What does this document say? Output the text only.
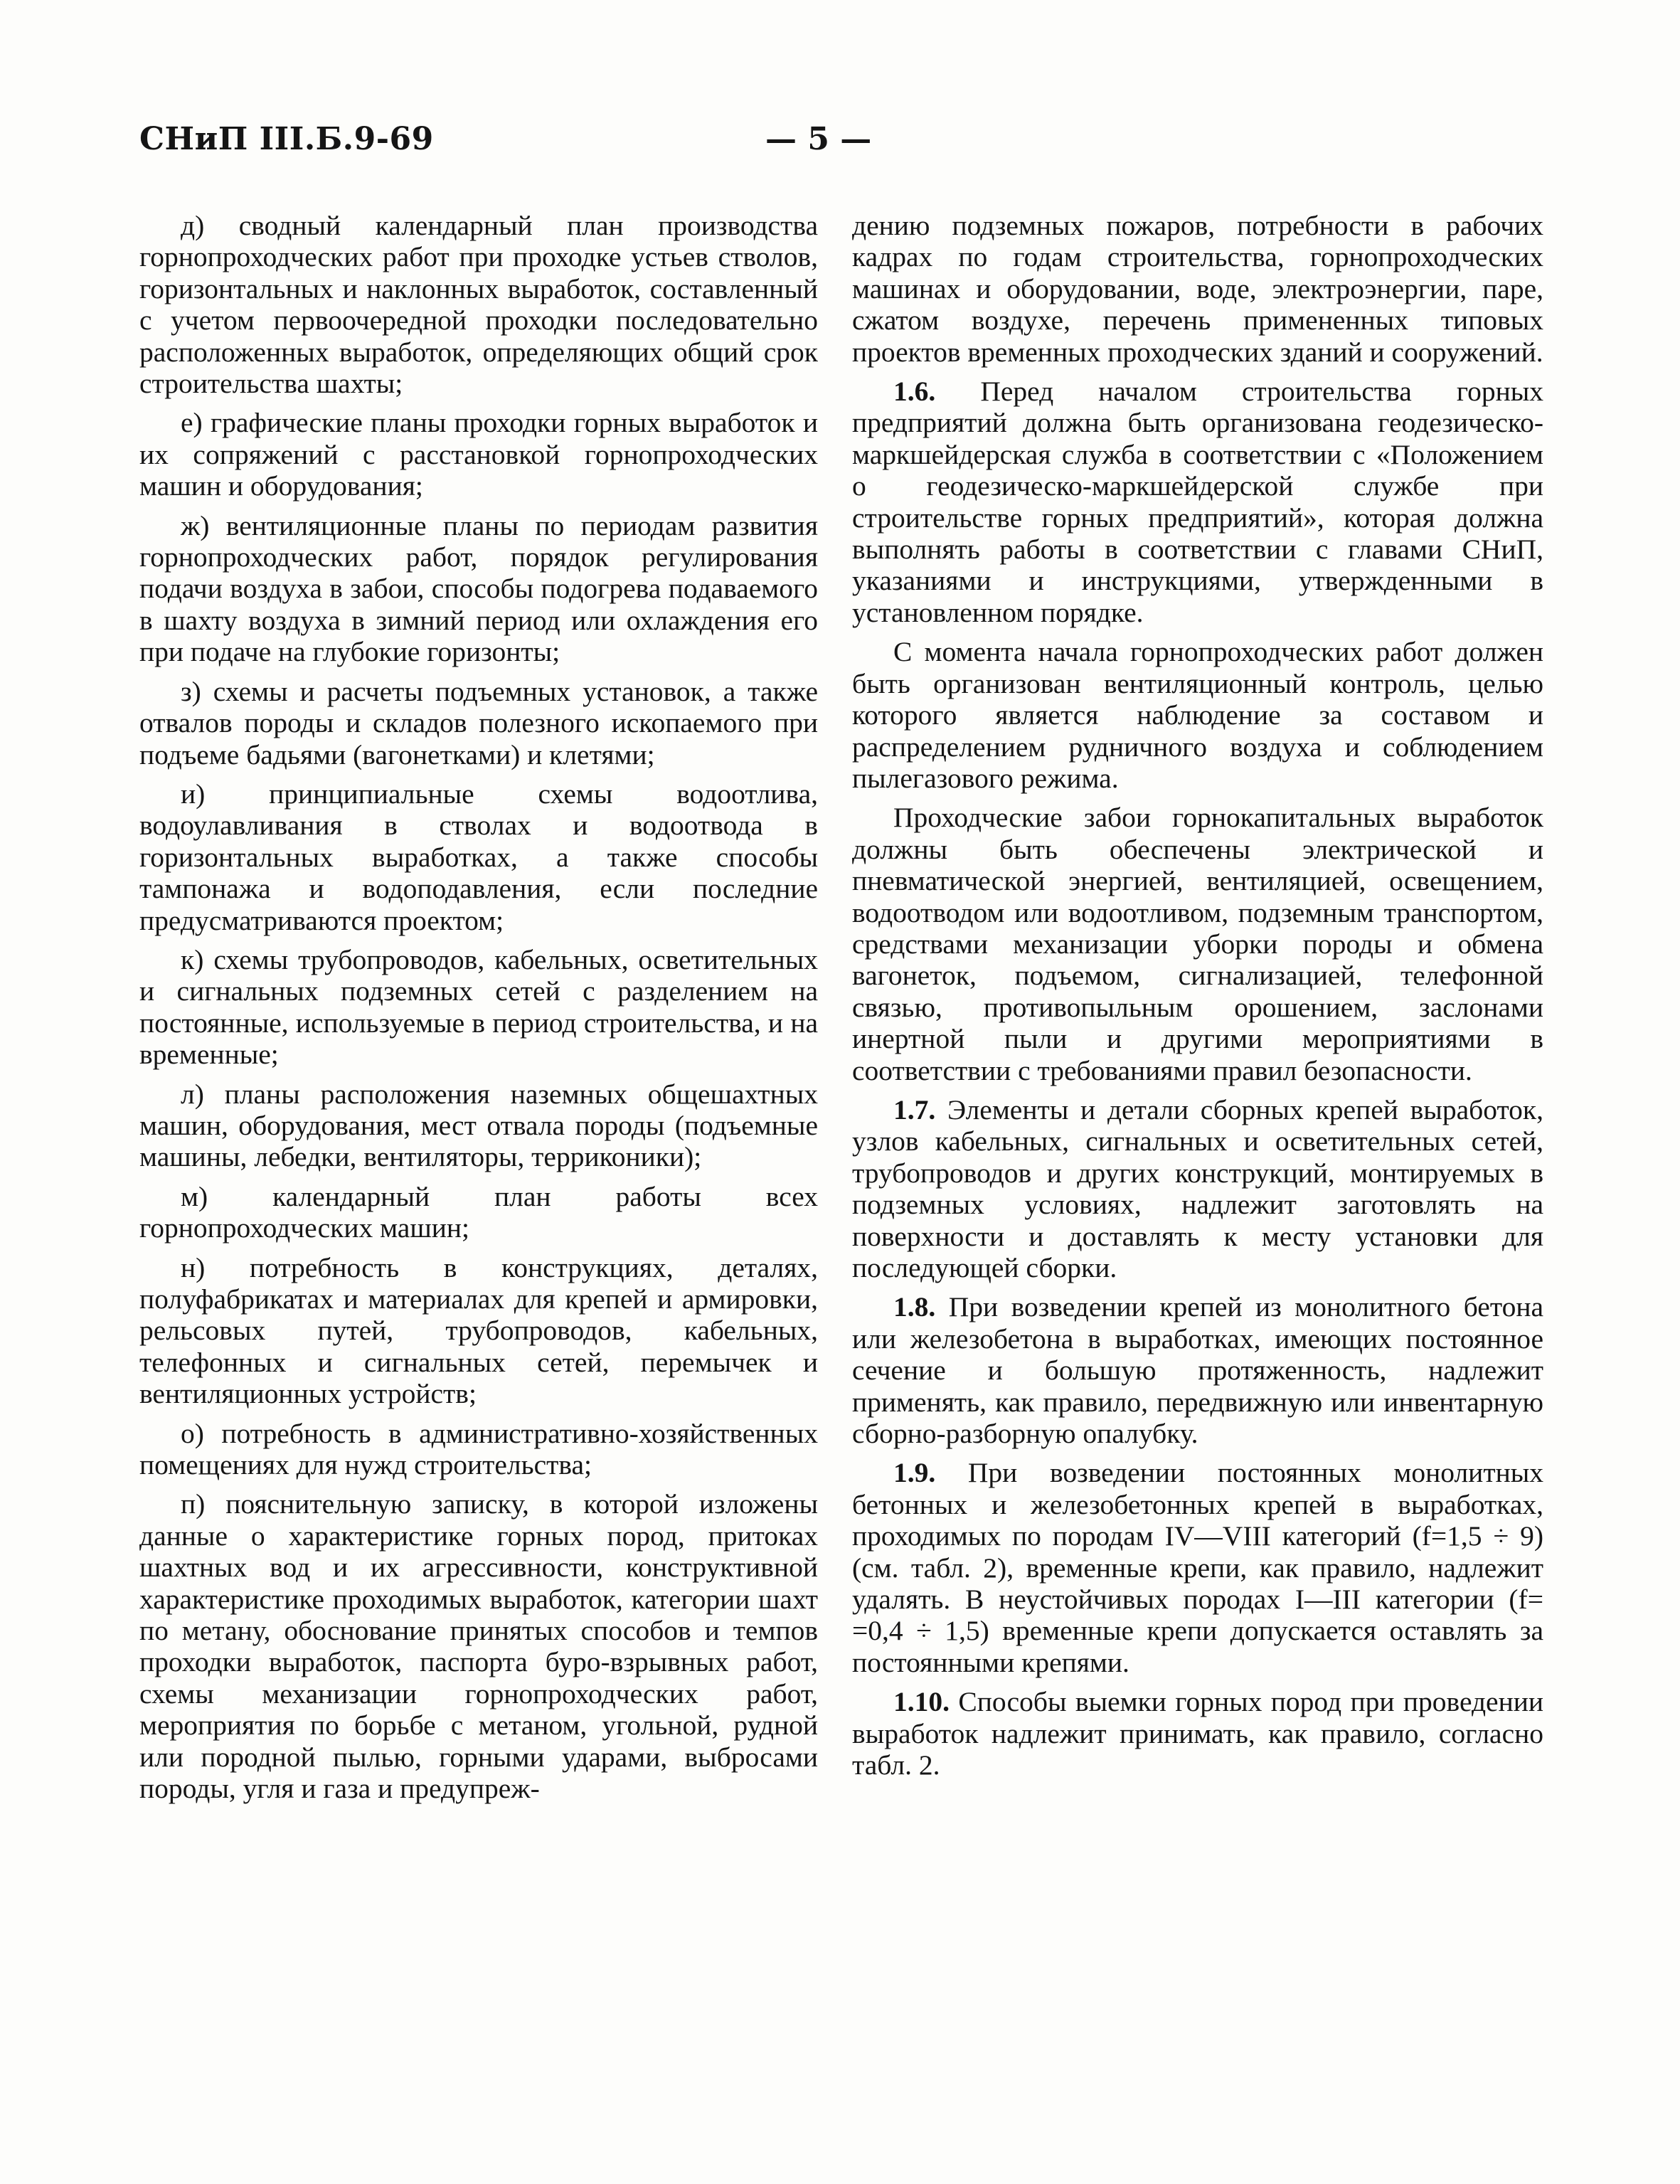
СНиП III.Б.9-69	— 5 —

д) сводный календарный план производства горнопроходческих работ при проходке устьев стволов, горизонтальных и наклонных выработок, составленный с учетом первоочередной проходки последовательно расположенных выработок, определяющих общий срок строительства шахты;

е) графические планы проходки горных выработок и их сопряжений с расстановкой горнопроходческих машин и оборудования;

ж) вентиляционные планы по периодам развития горнопроходческих работ, порядок регулирования подачи воздуха в забои, способы подогрева подаваемого в шахту воздуха в зимний период или охлаждения его при подаче на глубокие горизонты;

з) схемы и расчеты подъемных установок, а также отвалов породы и складов полезного ископаемого при подъеме бадьями (вагонетками) и клетями;

и) принципиальные схемы водоотлива, водоулавливания в стволах и водоотвода в горизонтальных выработках, а также способы тампонажа и водоподавления, если последние предусматриваются проектом;

к) схемы трубопроводов, кабельных, осветительных и сигнальных подземных сетей с разделением на постоянные, используемые в период строительства, и на временные;

л) планы расположения наземных общешахтных машин, оборудования, мест отвала породы (подъемные машины, лебедки, вентиляторы, терриконики);

м) календарный план работы всех горнопроходческих машин;

н) потребность в конструкциях, деталях, полуфабрикатах и материалах для крепей и армировки, рельсовых путей, трубопроводов, кабельных, телефонных и сигнальных сетей, перемычек и вентиляционных устройств;

о) потребность в административно-хозяйственных помещениях для нужд строительства;

п) пояснительную записку, в которой изложены данные о характеристике горных пород, притоках шахтных вод и их агрессивности, конструктивной характеристике проходимых выработок, категории шахт по метану, обоснование принятых способов и темпов проходки выработок, паспорта буро-взрывных работ, схемы механизации горнопроходческих работ, мероприятия по борьбе с метаном, угольной, рудной или породной пылью, горными ударами, выбросами породы, угля и газа и предупреж-

дению подземных пожаров, потребности в рабочих кадрах по годам строительства, горнопроходческих машинах и оборудовании, воде, электроэнергии, паре, сжатом воздухе, перечень примененных типовых проектов временных проходческих зданий и сооружений.

1.6. Перед началом строительства горных предприятий должна быть организована геодезическо-маркшейдерская служба в соответствии с «Положением о геодезическо-маркшейдерской службе при строительстве горных предприятий», которая должна выполнять работы в соответствии с главами СНиП, указаниями и инструкциями, утвержденными в установленном порядке.

С момента начала горнопроходческих работ должен быть организован вентиляционный контроль, целью которого является наблюдение за составом и распределением рудничного воздуха и соблюдением пылегазового режима.

Проходческие забои горнокапитальных выработок должны быть обеспечены электрической и пневматической энергией, вентиляцией, освещением, водоотводом или водоотливом, подземным транспортом, средствами механизации уборки породы и обмена вагонеток, подъемом, сигнализацией, телефонной связью, противопыльным орошением, заслонами инертной пыли и другими мероприятиями в соответствии с требованиями правил безопасности.

1.7. Элементы и детали сборных крепей выработок, узлов кабельных, сигнальных и осветительных сетей, трубопроводов и других конструкций, монтируемых в подземных условиях, надлежит заготовлять на поверхности и доставлять к месту установки для последующей сборки.

1.8. При возведении крепей из монолитного бетона или железобетона в выработках, имеющих постоянное сечение и большую протяженность, надлежит применять, как правило, передвижную или инвентарную сборно-разборную опалубку.

1.9. При возведении постоянных монолитных бетонных и железобетонных крепей в выработках, проходимых по породам IV—VIII категорий (f=1,5 ÷ 9) (см. табл. 2), временные крепи, как правило, надлежит удалять. В неустойчивых породах I—III категории (f= =0,4 ÷ 1,5) временные крепи допускается оставлять за постоянными крепями.

1.10. Способы выемки горных пород при проведении выработок надлежит принимать, как правило, согласно табл. 2.
